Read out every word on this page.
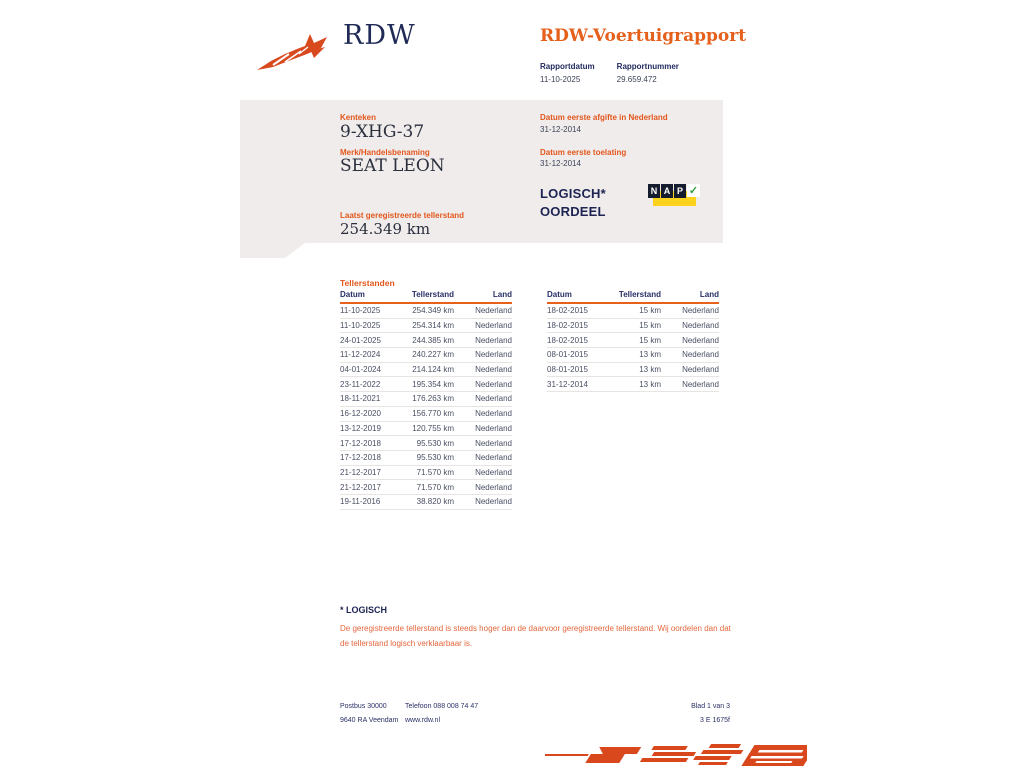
RDW	RDW-Voertuigrapport
Rapportdatum
11-10-2025
Rapportnummer
29.659.472
Kenteken
9-XHG-37
Merk/Handelsbenaming
SEAT LEON
Laatst geregistreerde tellerstand
254.349 km
Datum eerste afgifte in Nederland
31-12-2014
Datum eerste toelating
31-12-2014
LOGISCH*
OORDEEL
N A P ✓
Tellerstanden
Datum	Tellerstand	Land
11-10-2025	254.349 km	Nederland
11-10-2025	254.314 km	Nederland
24-01-2025	244.385 km	Nederland
11-12-2024	240.227 km	Nederland
04-01-2024	214.124 km	Nederland
23-11-2022	195.354 km	Nederland
18-11-2021	176.263 km	Nederland
16-12-2020	156.770 km	Nederland
13-12-2019	120.755 km	Nederland
17-12-2018	95.530 km	Nederland
17-12-2018	95.530 km	Nederland
21-12-2017	71.570 km	Nederland
21-12-2017	71.570 km	Nederland
19-11-2016	38.820 km	Nederland
Datum	Tellerstand	Land
18-02-2015	15 km	Nederland
18-02-2015	15 km	Nederland
18-02-2015	15 km	Nederland
08-01-2015	13 km	Nederland
08-01-2015	13 km	Nederland
31-12-2014	13 km	Nederland
* LOGISCH
De geregistreerde tellerstand is steeds hoger dan de daarvoor geregistreerde tellerstand. Wij oordelen dan dat de tellerstand logisch verklaarbaar is.
Postbus 30000
9640 RA Veendam
Telefoon 088 008 74 47
www.rdw.nl
Blad 1 van 3
3 E 1675f
